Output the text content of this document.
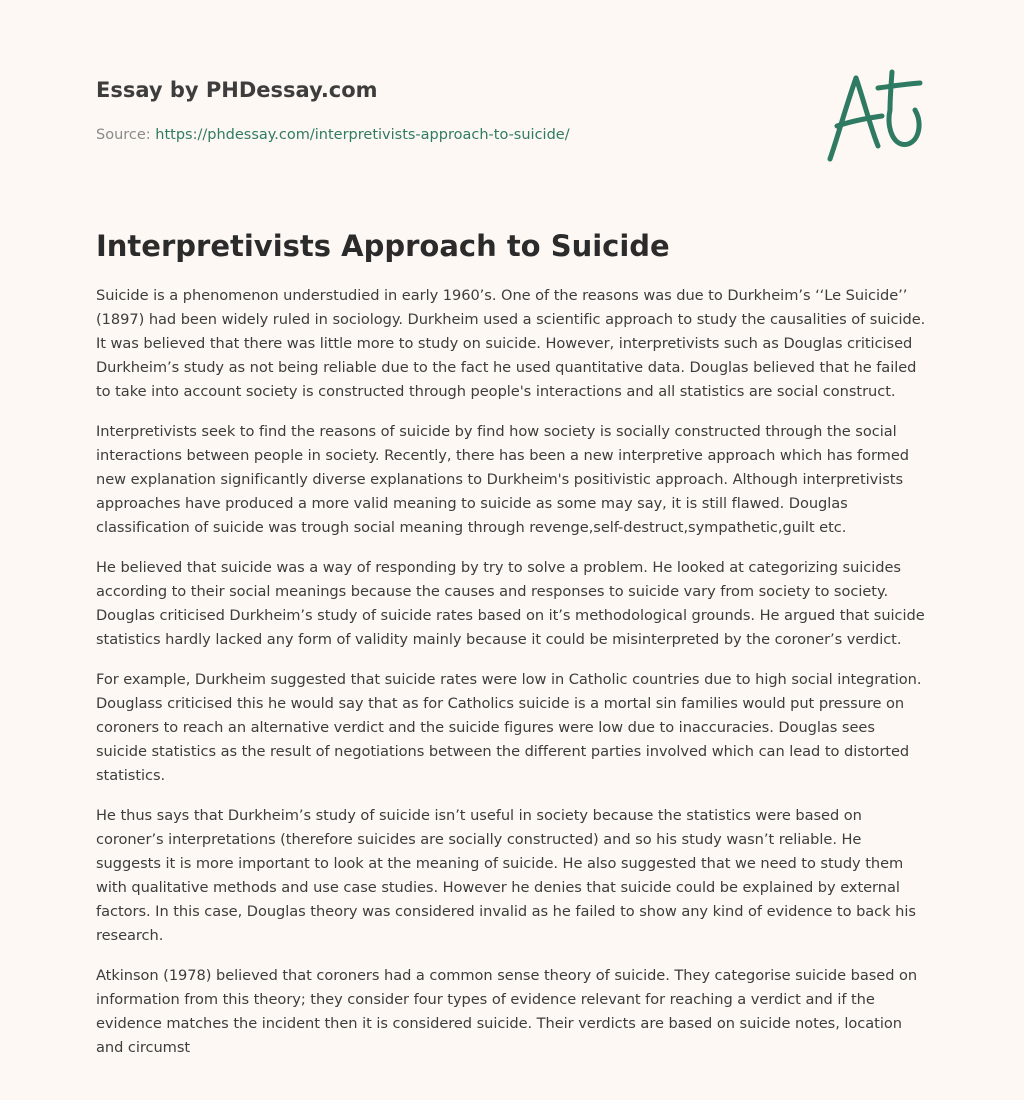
Essay by PHDessay.com
Source: https://phdessay.com/interpretivists-approach-to-suicide/
Interpretivists Approach to Suicide

Suicide is a phenomenon understudied in early 1960’s. One of the reasons was due to Durkheim’s ‘‘Le Suicide’’ (1897) had been widely ruled in sociology. Durkheim used a scientific approach to study the causalities of suicide. It was believed that there was little more to study on suicide. However, interpretivists such as Douglas criticised Durkheim’s study as not being reliable due to the fact he used quantitative data. Douglas believed that he failed to take into account society is constructed through people's interactions and all statistics are social construct.

Interpretivists seek to find the reasons of suicide by find how society is socially constructed through the social interactions between people in society. Recently, there has been a new interpretive approach which has formed new explanation significantly diverse explanations to Durkheim's positivistic approach. Although interpretivists approaches have produced a more valid meaning to suicide as some may say, it is still flawed. Douglas classification of suicide was trough social meaning through revenge,self-destruct,sympathetic,guilt etc.

He believed that suicide was a way of responding by try to solve a problem. He looked at categorizing suicides according to their social meanings because the causes and responses to suicide vary from society to society. Douglas criticised Durkheim’s study of suicide rates based on it’s methodological grounds. He argued that suicide statistics hardly lacked any form of validity mainly because it could be misinterpreted by the coroner’s verdict.

For example, Durkheim suggested that suicide rates were low in Catholic countries due to high social integration. Douglass criticised this he would say that as for Catholics suicide is a mortal sin families would put pressure on coroners to reach an alternative verdict and the suicide figures were low due to inaccuracies. Douglas sees suicide statistics as the result of negotiations between the different parties involved which can lead to distorted statistics.

He thus says that Durkheim’s study of suicide isn’t useful in society because the statistics were based on coroner’s interpretations (therefore suicides are socially constructed) and so his study wasn’t reliable. He suggests it is more important to look at the meaning of suicide. He also suggested that we need to study them with qualitative methods and use case studies. However he denies that suicide could be explained by external factors. In this case, Douglas theory was considered invalid as he failed to show any kind of evidence to back his research.

Atkinson (1978) believed that coroners had a common sense theory of suicide. They categorise suicide based on information from this theory; they consider four types of evidence relevant for reaching a verdict and if the evidence matches the incident then it is considered suicide. Their verdicts are based on suicide notes, location and circumst
